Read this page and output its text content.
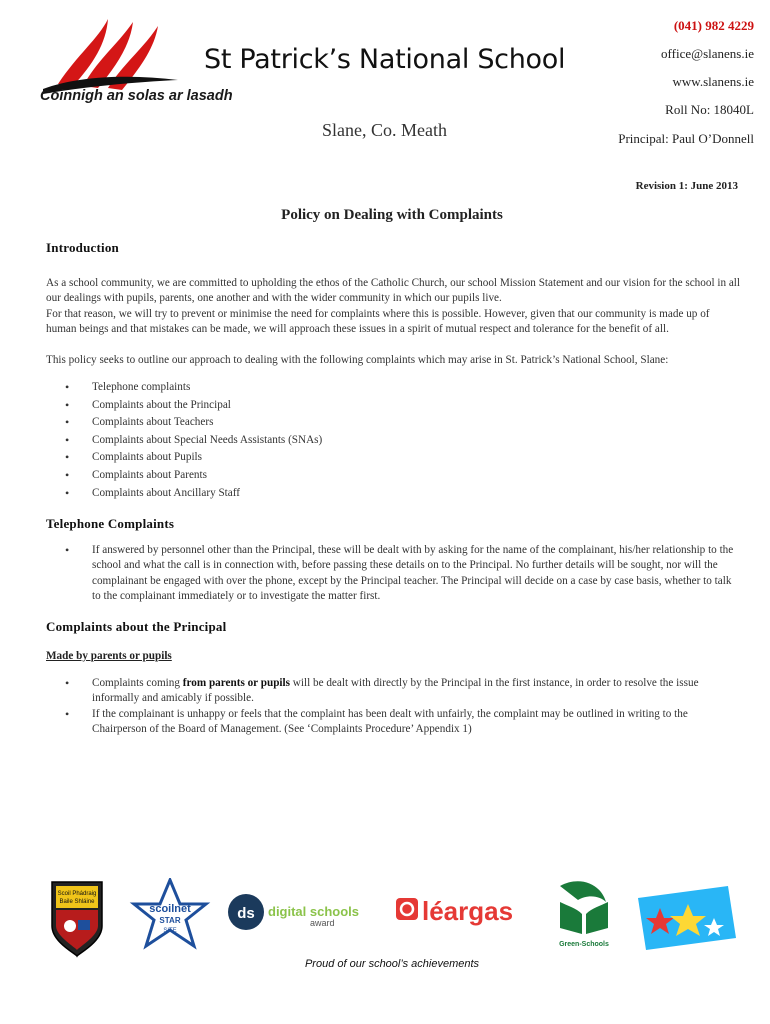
Coinnigh an solas ar lasadh
St Patrick’s National School
Slane, Co. Meath
(041) 982 4229
office@slanens.ie
www.slanens.ie
Roll No: 18040L
Principal: Paul O’Donnell
Revision 1: June 2013
Policy on Dealing with Complaints
Introduction

As a school community, we are committed to upholding the ethos of the Catholic Church, our school Mission Statement and our vision for the school in all our dealings with pupils, parents, one another and with the wider community in which our pupils live.

For that reason, we will try to prevent or minimise the need for complaints where this is possible. However, given that our community is made up of human beings and that mistakes can be made, we will approach these issues in a spirit of mutual respect and tolerance for the benefit of all.

This policy seeks to outline our approach to dealing with the following complaints which may arise in St. Patrick’s National School, Slane:

• Telephone complaints
• Complaints about the Principal
• Complaints about Teachers
• Complaints about Special Needs Assistants (SNAs)
• Complaints about Pupils
• Complaints about Parents
• Complaints about Ancillary Staff
Telephone Complaints
• If answered by personnel other than the Principal, these will be dealt with by asking for the name of the complainant, his/her relationship to the school and what the call is in connection with, before passing these details on to the Principal. No further details will be sought, nor will the complainant be engaged with over the phone, except by the Principal teacher. The Principal will decide on a case by case basis, whether to talk to the complainant immediately or to investigate the matter first.
Complaints about the Principal
Made by parents or pupils
• Complaints coming from parents or pupils will be dealt with directly by the Principal in the first instance, in order to resolve the issue informally and amicably if possible.
• If the complainant is unhappy or feels that the complaint has been dealt with unfairly, the complaint may be outlined in writing to the Chairperson of the Board of Management. (See ‘Complaints Procedure’ Appendix 1)
Scoil Phádraig
Baile Shláine
scoilnet
STAR
SITE
ds digital schools
award	léargas
Green-Schools
Proud of our school’s achievements
